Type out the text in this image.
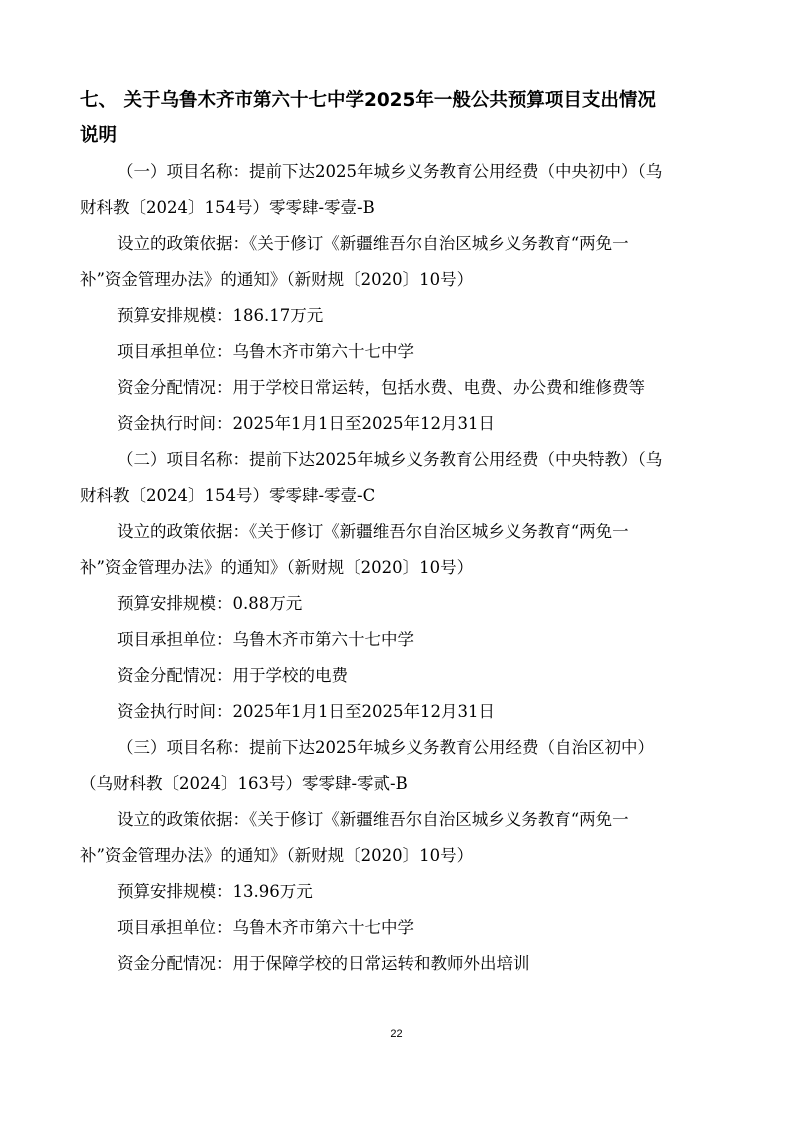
七、 关于乌鲁木齐市第六十七中学2025年一般公共预算项目支出情况
说明
（一）项目名称：提前下达2025年城乡义务教育公用经费（中央初中）（乌
财科教〔2024〕154号）零零肆-零壹-B
设立的政策依据：《关于修订《新疆维吾尔自治区城乡义务教育“两免一
补”资金管理办法》的通知》（新财规〔2020〕10号）
预算安排规模：186.17万元
项目承担单位：乌鲁木齐市第六十七中学
资金分配情况：用于学校日常运转，包括水费、电费、办公费和维修费等
资金执行时间：2025年1月1日至2025年12月31日
（二）项目名称：提前下达2025年城乡义务教育公用经费（中央特教）（乌
财科教〔2024〕154号）零零肆-零壹-C
设立的政策依据：《关于修订《新疆维吾尔自治区城乡义务教育“两免一
补”资金管理办法》的通知》（新财规〔2020〕10号）
预算安排规模：0.88万元
项目承担单位：乌鲁木齐市第六十七中学
资金分配情况：用于学校的电费
资金执行时间：2025年1月1日至2025年12月31日
（三）项目名称：提前下达2025年城乡义务教育公用经费（自治区初中）
（乌财科教〔2024〕163号）零零肆-零贰-B
设立的政策依据：《关于修订《新疆维吾尔自治区城乡义务教育“两免一
补”资金管理办法》的通知》（新财规〔2020〕10号）
预算安排规模：13.96万元
项目承担单位：乌鲁木齐市第六十七中学
资金分配情况：用于保障学校的日常运转和教师外出培训
22
